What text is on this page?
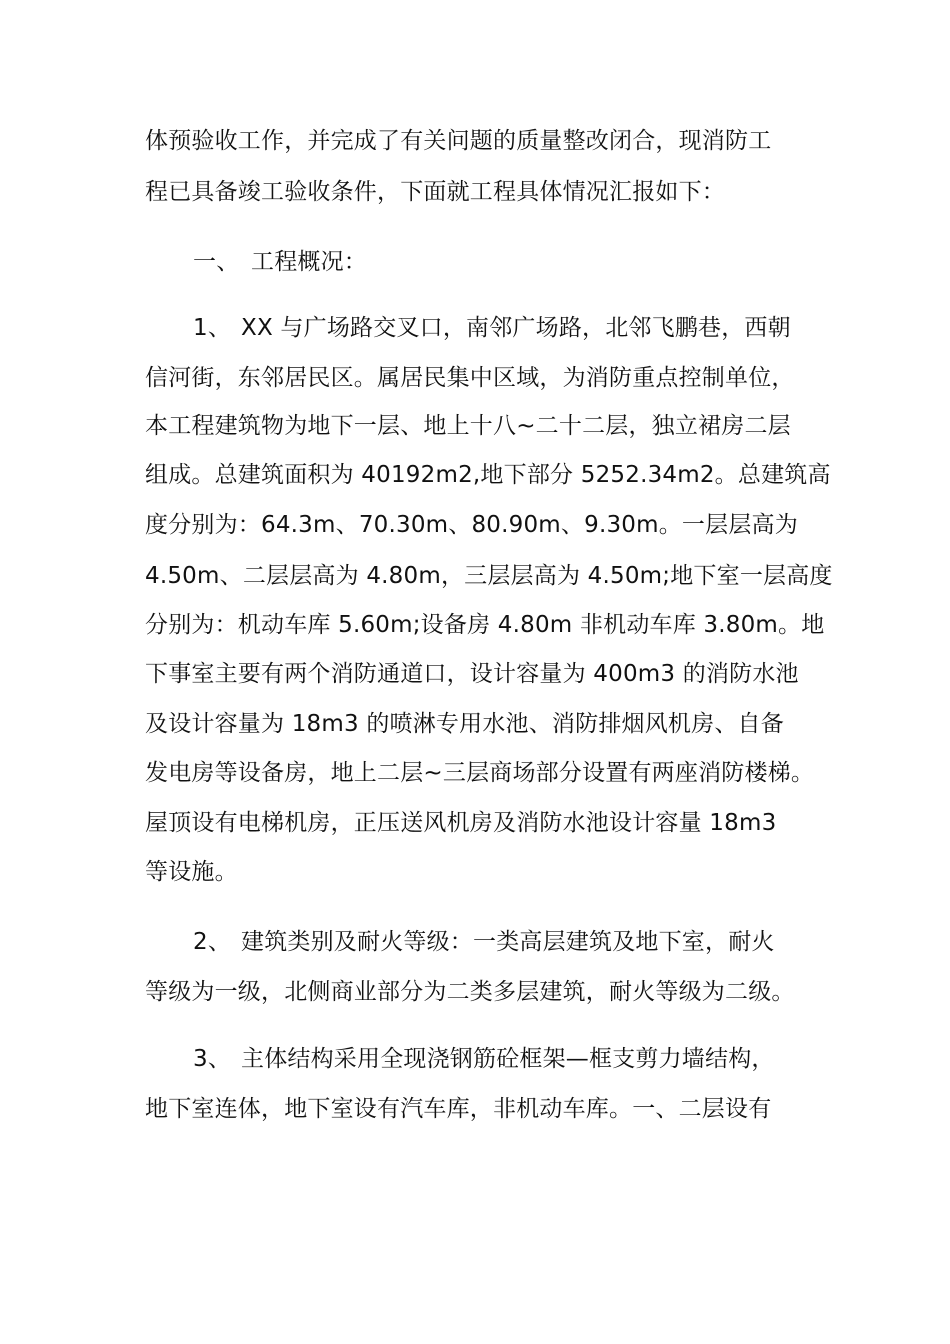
体预验收工作，并完成了有关问题的质量整改闭合，现消防工
程已具备竣工验收条件，下面就工程具体情况汇报如下：
一、 工程概况：
1、 XX 与广场路交叉口，南邻广场路，北邻飞鹏巷，西朝
信河街，东邻居民区。属居民集中区域，为消防重点控制单位，
本工程建筑物为地下一层、地上十八~二十二层，独立裙房二层
组成。总建筑面积为 40192m2,地下部分 5252.34m2。总建筑高
度分别为：64.3m、70.30m、80.90m、9.30m。一层层高为
4.50m、二层层高为 4.80m，三层层高为 4.50m;地下室一层高度
分别为：机动车库 5.60m;设备房 4.80m 非机动车库 3.80m。地
下事室主要有两个消防通道口，设计容量为 400m3 的消防水池
及设计容量为 18m3 的喷淋专用水池、消防排烟风机房、自备
发电房等设备房，地上二层~三层商场部分设置有两座消防楼梯。
屋顶设有电梯机房，正压送风机房及消防水池设计容量 18m3
等设施。
2、 建筑类别及耐火等级：一类高层建筑及地下室，耐火
等级为一级，北侧商业部分为二类多层建筑，耐火等级为二级。
3、 主体结构采用全现浇钢筋砼框架—框支剪力墙结构，
地下室连体，地下室设有汽车库，非机动车库。一、二层设有
